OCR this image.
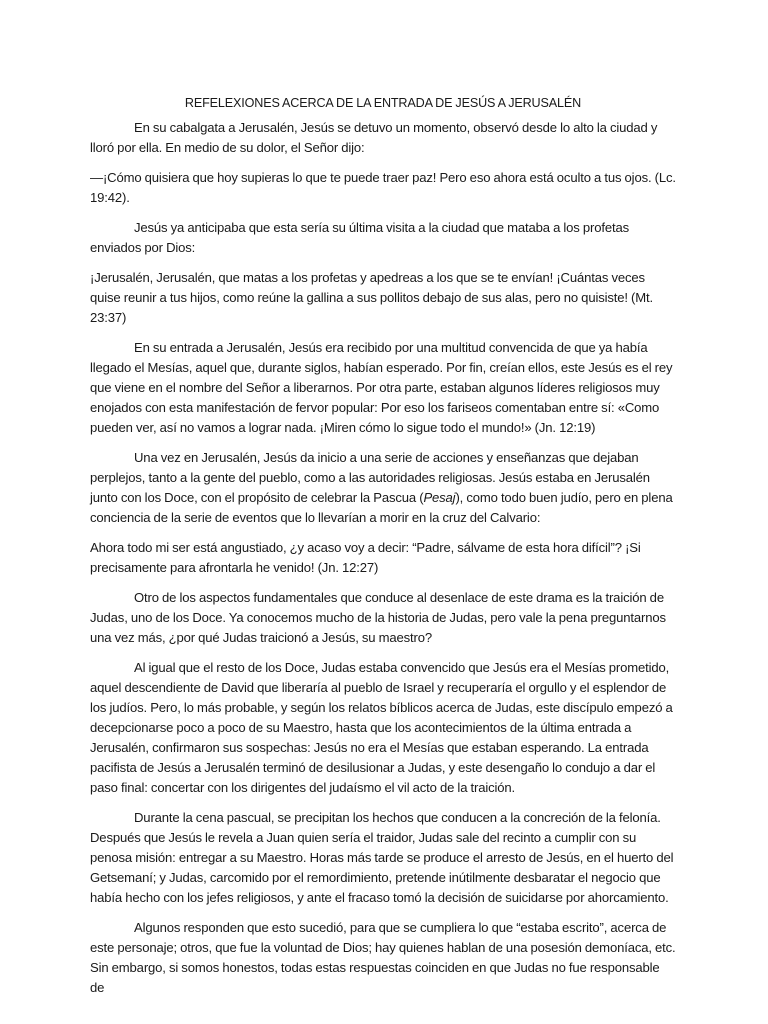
REFELEXIONES ACERCA DE LA ENTRADA DE JESÚS A JERUSALÉN

En su cabalgata a Jerusalén, Jesús se detuvo un momento, observó desde lo alto la ciudad y lloró por ella. En medio de su dolor, el Señor dijo:

—¡Cómo quisiera que hoy supieras lo que te puede traer paz! Pero eso ahora está oculto a tus ojos. (Lc. 19:42).

Jesús ya anticipaba que esta sería su última visita a la ciudad que mataba a los profetas enviados por Dios:

¡Jerusalén, Jerusalén, que matas a los profetas y apedreas a los que se te envían! ¡Cuántas veces quise reunir a tus hijos, como reúne la gallina a sus pollitos debajo de sus alas, pero no quisiste! (Mt. 23:37)

En su entrada a Jerusalén, Jesús era recibido por una multitud convencida de que ya había llegado el Mesías, aquel que, durante siglos, habían esperado. Por fin, creían ellos, este Jesús es el rey que viene en el nombre del Señor a liberarnos. Por otra parte, estaban algunos líderes religiosos muy enojados con esta manifestación de fervor popular: Por eso los fariseos comentaban entre sí: «Como pueden ver, así no vamos a lograr nada. ¡Miren cómo lo sigue todo el mundo!» (Jn. 12:19)

Una vez en Jerusalén, Jesús da inicio a una serie de acciones y enseñanzas que dejaban perplejos, tanto a la gente del pueblo, como a las autoridades religiosas. Jesús estaba en Jerusalén junto con los Doce, con el propósito de celebrar la Pascua (Pesaj), como todo buen judío, pero en plena conciencia de la serie de eventos que lo llevarían a morir en la cruz del Calvario:

Ahora todo mi ser está angustiado, ¿y acaso voy a decir: “Padre, sálvame de esta hora difícil”? ¡Si precisamente para afrontarla he venido! (Jn. 12:27)

Otro de los aspectos fundamentales que conduce al desenlace de este drama es la traición de Judas, uno de los Doce. Ya conocemos mucho de la historia de Judas, pero vale la pena preguntarnos una vez más, ¿por qué Judas traicionó a Jesús, su maestro?

Al igual que el resto de los Doce, Judas estaba convencido que Jesús era el Mesías prometido, aquel descendiente de David que liberaría al pueblo de Israel y recuperaría el orgullo y el esplendor de los judíos. Pero, lo más probable, y según los relatos bíblicos acerca de Judas, este discípulo empezó a decepcionarse poco a poco de su Maestro, hasta que los acontecimientos de la última entrada a Jerusalén, confirmaron sus sospechas: Jesús no era el Mesías que estaban esperando. La entrada pacifista de Jesús a Jerusalén terminó de desilusionar a Judas, y este desengaño lo condujo a dar el paso final: concertar con los dirigentes del judaísmo el vil acto de la traición.

Durante la cena pascual, se precipitan los hechos que conducen a la concreción de la felonía. Después que Jesús le revela a Juan quien sería el traidor, Judas sale del recinto a cumplir con su penosa misión: entregar a su Maestro. Horas más tarde se produce el arresto de Jesús, en el huerto del Getsemaní; y Judas, carcomido por el remordimiento, pretende inútilmente desbaratar el negocio que había hecho con los jefes religiosos, y ante el fracaso tomó la decisión de suicidarse por ahorcamiento.

Algunos responden que esto sucedió, para que se cumpliera lo que “estaba escrito”, acerca de este personaje; otros, que fue la voluntad de Dios; hay quienes hablan de una posesión demoníaca, etc. Sin embargo, si somos honestos, todas estas respuestas coinciden en que Judas no fue responsable de
